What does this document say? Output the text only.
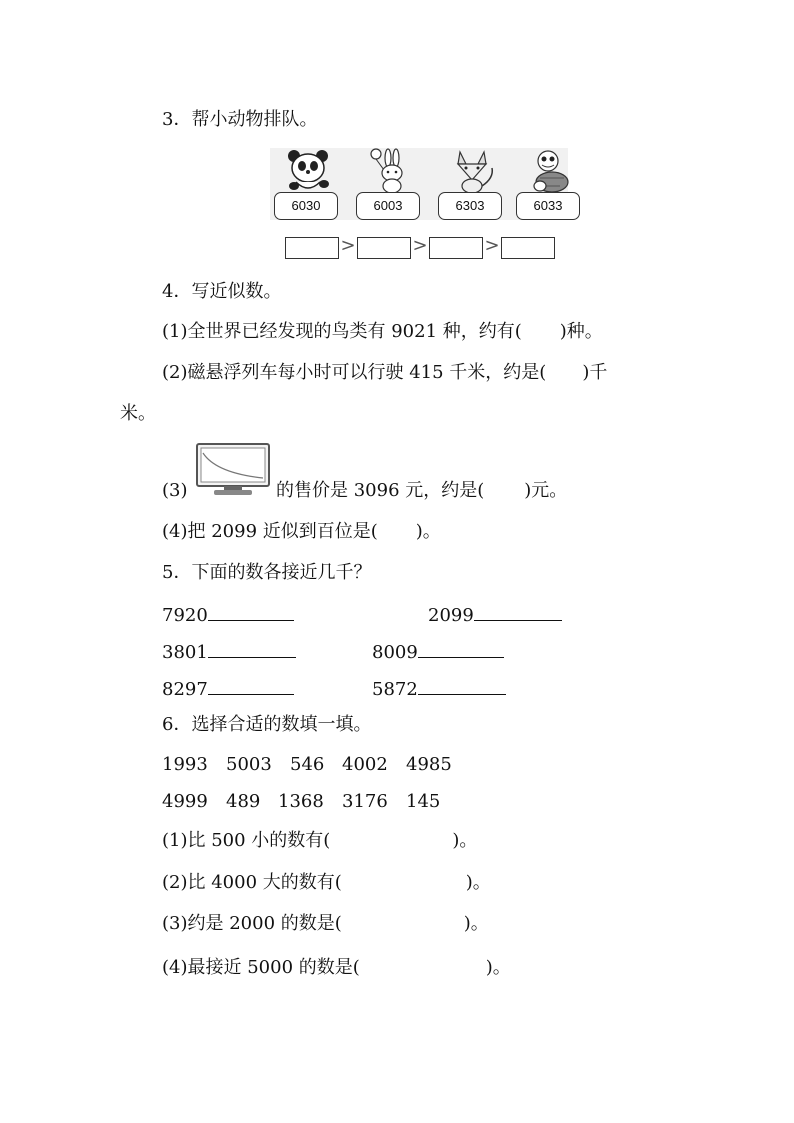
3．帮小动物排队。
6030	6003	6303	6033
>	>	>
4．写近似数。
(1)全世界已经发现的鸟类有 9021 种，约有( )种。
(2)磁悬浮列车每小时可以行驶 415 千米，约是( )千
米。
(3)	的售价是 3096 元，约是( )元。
(4)把 2099 近似到百位是( )。
5．下面的数各接近几千？
7920	2099
3801	8009
8297	5872
6．选择合适的数填一填。
1993 5003 546 4002 4985
4999 489 1368 3176 145
(1)比 500 小的数有(	)。
(2)比 4000 大的数有(	)。
(3)约是 2000 的数是(	)。
(4)最接近 5000 的数是(	)。
